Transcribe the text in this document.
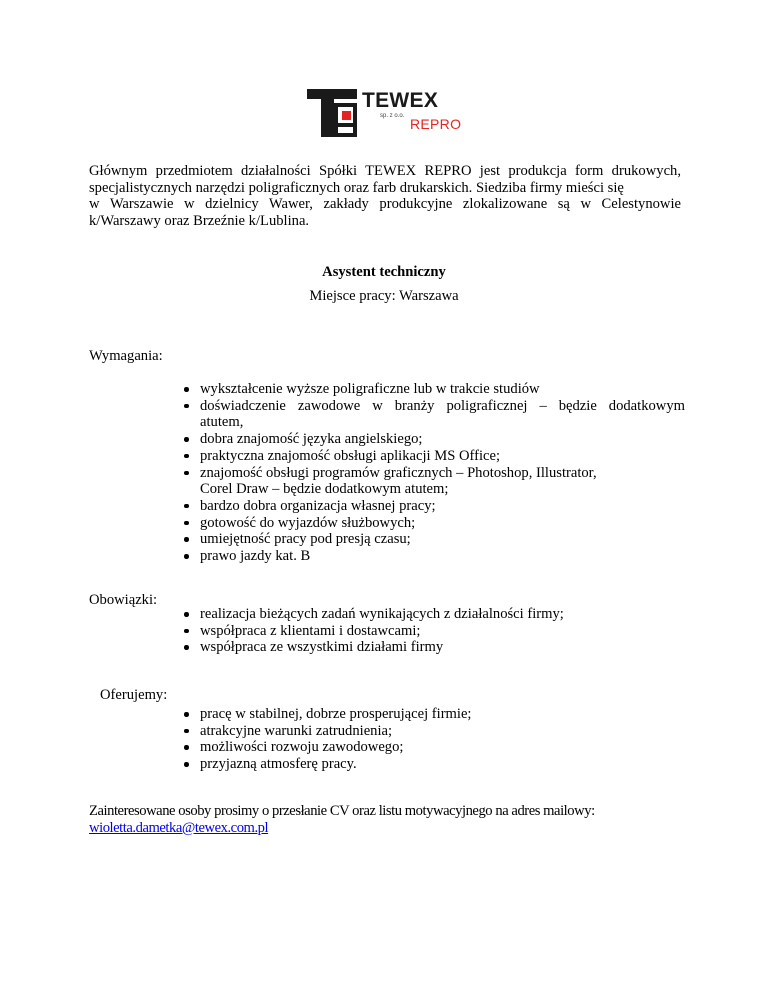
TEWEX
sp. z o.o. REPRO

Głównym przedmiotem działalności Spółki TEWEX REPRO jest produkcja form drukowych,
specjalistycznych narzędzi poligraficznych oraz farb drukarskich. Siedziba firmy mieści się
w Warszawie w dzielnicy Wawer, zakłady produkcyjne zlokalizowane są w Celestynowie
k/Warszawy oraz Brzeźnie k/Lublina.

Asystent techniczny
Miejsce pracy: Warszawa

Wymagania:

wykształcenie wyższe poligraficzne lub w trakcie studiów
doświadczenie zawodowe w branży poligraficznej – będzie dodatkowym
atutem,
dobra znajomość języka angielskiego;
praktyczna znajomość obsługi aplikacji MS Office;
znajomość obsługi programów graficznych – Photoshop, Illustrator,
Corel Draw – będzie dodatkowym atutem;
bardzo dobra organizacja własnej pracy;
gotowość do wyjazdów służbowych;
umiejętność pracy pod presją czasu;
prawo jazdy kat. B

Obowiązki:

realizacja bieżących zadań wynikających z działalności firmy;
współpraca z klientami i dostawcami;
współpraca ze wszystkimi działami firmy

Oferujemy:

pracę w stabilnej, dobrze prosperującej firmie;
atrakcyjne warunki zatrudnienia;
możliwości rozwoju zawodowego;
przyjazną atmosferę pracy.

Zainteresowane osoby prosimy o przesłanie CV oraz listu motywacyjnego na adres mailowy:
wioletta.dametka@tewex.com.pl
